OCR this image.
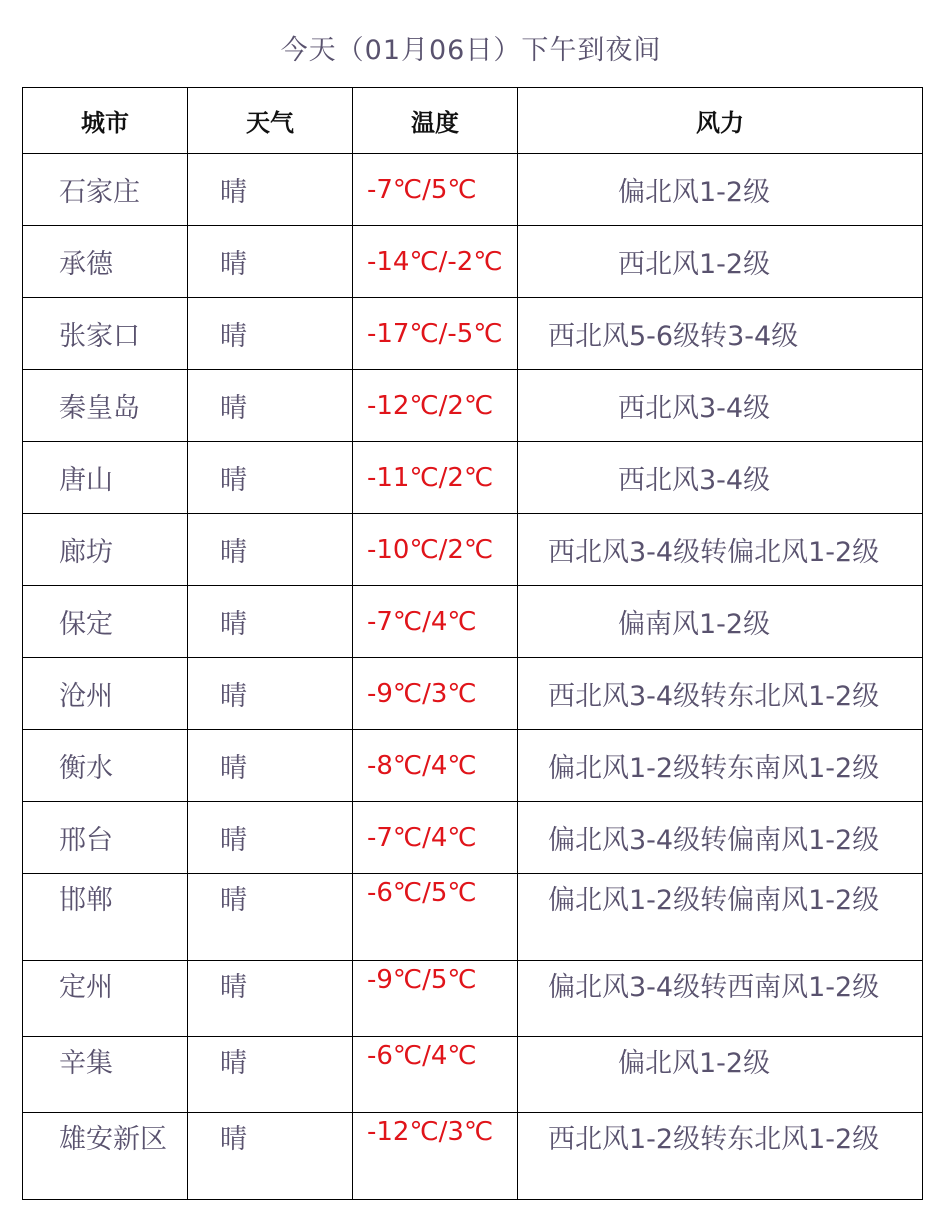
今天（01月06日）下午到夜间
城市	天气	温度	风力
石家庄	晴	-7℃/5℃	偏北风1-2级
承德	晴	-14℃/-2℃	西北风1-2级
张家口	晴	-17℃/-5℃	西北风5-6级转3-4级
秦皇岛	晴	-12℃/2℃	西北风3-4级
唐山	晴	-11℃/2℃	西北风3-4级
廊坊	晴	-10℃/2℃	西北风3-4级转偏北风1-2级
保定	晴	-7℃/4℃	偏南风1-2级
沧州	晴	-9℃/3℃	西北风3-4级转东北风1-2级
衡水	晴	-8℃/4℃	偏北风1-2级转东南风1-2级
邢台	晴	-7℃/4℃	偏北风3-4级转偏南风1-2级
邯郸	晴	-6℃/5℃	偏北风1-2级转偏南风1-2级
定州	晴	-9℃/5℃	偏北风3-4级转西南风1-2级
辛集	晴	-6℃/4℃	偏北风1-2级
雄安新区	晴	-12℃/3℃	西北风1-2级转东北风1-2级
